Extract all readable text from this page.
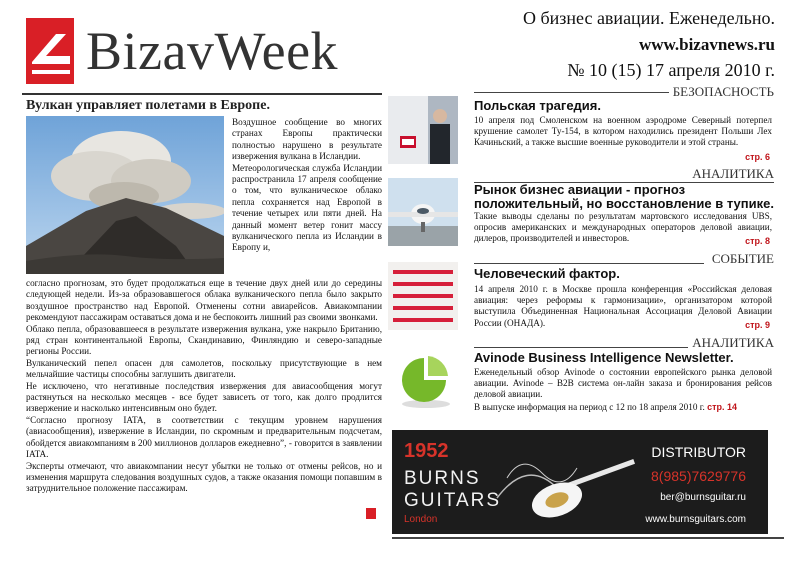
BizavWeek
О бизнес авиации. Еженедельно.
www.bizavnews.ru
№ 10 (15) 17 апреля 2010 г.
Вулкан управляет полетами в Европе.

Воздушное сообщение во многих странах Европы практически полностью нарушено в результате извержения вулкана в Исландии.

Метеорологическая служба Исландии распространила 17 апреля сообщение о том, что вулканическое облако пепла сохраняется над Европой в течение четырех или пяти дней. На данный момент ветер гонит массу вулканического пепла из Исландии в Европу и,

согласно прогнозам, это будет продолжаться еще в течение двух дней или до середины следующей недели. Из-за образовавшегося облака вулканического пепла было закрыто воздушное пространство над Европой. Отменены сотни авиарейсов. Авиакомпании рекомендуют пассажирам оставаться дома и не беспокоить лишний раз своими звонками.

Облако пепла, образовавшееся в результате извержения вулкана, уже накрыло Британию, ряд стран континентальной Европы, Скандинавию, Финляндию и северо-западные регионы России.

Вулканический пепел опасен для самолетов, поскольку присутствующие в нем мельчайшие частицы способны заглушить двигатели.

Не исключено, что негативные последствия извержения для авиасообщения могут растянуться на несколько месяцев - все будет зависеть от того, как долго продлится извержение и насколько интенсивным оно будет.

“Согласно прогнозу IATA, в соответствии с текущим уровнем нарушения (авиасообщения), извержение в Исландии, по скромным и предварительным подсчетам, обойдется авиакомпаниям в 200 миллионов долларов ежедневно”, - говорится в заявлении IATA.

Эксперты отмечают, что авиакомпании несут убытки не только от отмены рейсов, но и изменения маршрута следования воздушных судов, а также оказания помощи попавшим в затруднительное положение пассажирам.

БЕЗОПАСНОСТЬ
Польская трагедия.
10 апреля под Смоленском на военном аэродроме Северный потерпел крушение самолет Ту-154, в котором находились президент Польши Лех Качиньский, а также высшие военные руководители и этой страны.
стр. 6
АНАЛИТИКА
Рынок бизнес авиации - прогноз положительный, но восстановление в тупике.
Такие выводы сделаны по результатам мартовского исследования UBS, опросив американских и международных операторов деловой авиации, дилеров, производителей и инвесторов.	стр. 8
СОБЫТИЕ
Человеческий фактор.
14 апреля 2010 г. в Москве прошла конференция «Российская деловая авиация: через реформы к гармонизации», организатором которой выступила Объединенная Национальная Ассоциация Деловой Авиации России (ОНАДА).	стр. 9
АНАЛИТИКА
Avinode Business Intelligence Newsletter.
Еженедельный обзор Avinode о состоянии европейского рынка деловой авиации. Avinode – B2B система он-лайн заказа и бронирования рейсов деловой авиации.
В выпуске информация на период с 12 по 18 апреля 2010 г. стр. 14
1952
BURNS
GUITARS
London
DISTRIBUTOR
8(985)7629776
ber@burnsguitar.ru
www.burnsguitars.com
